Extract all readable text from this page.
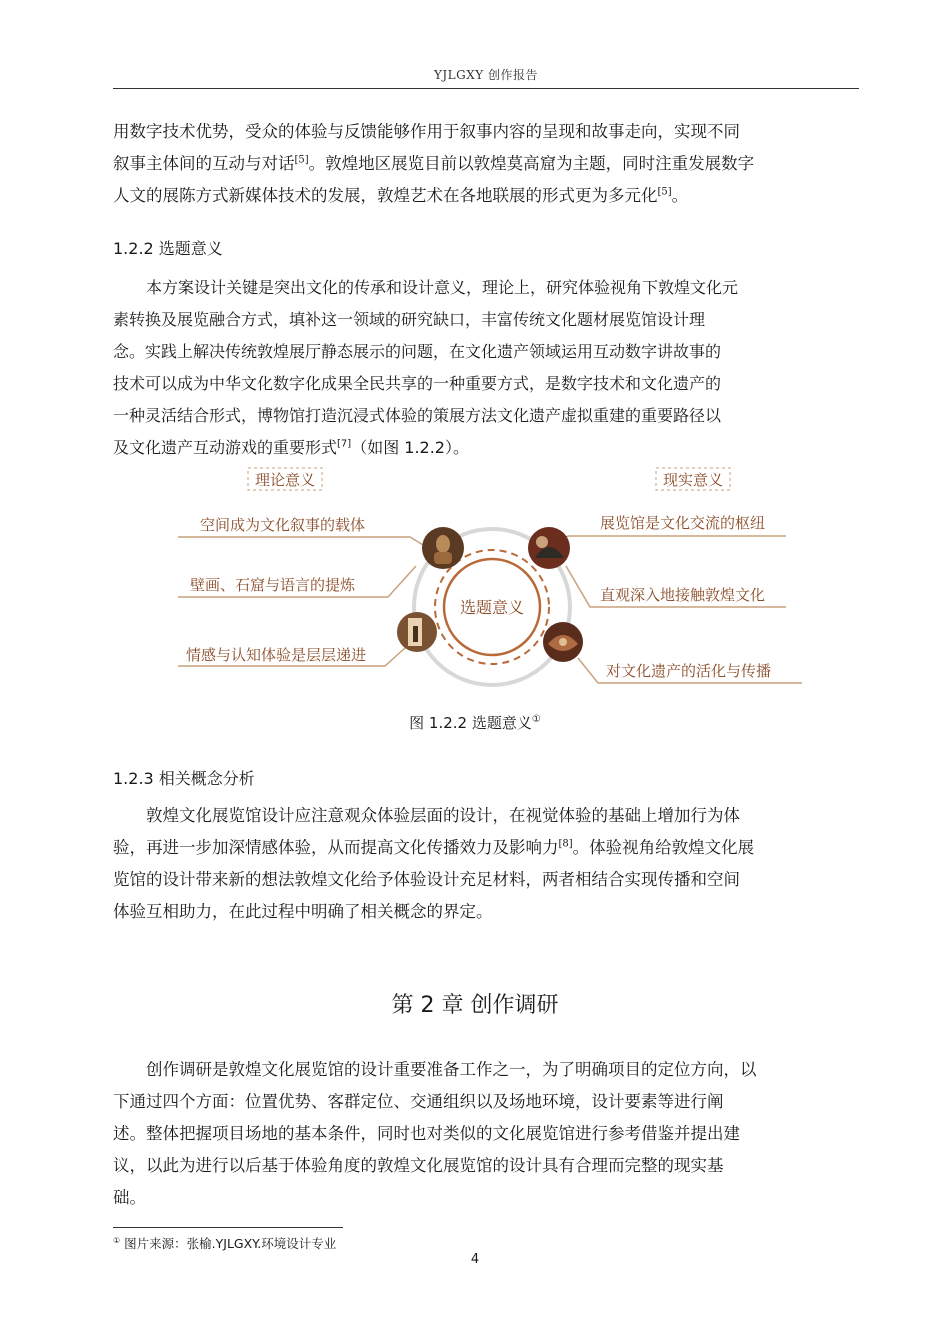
YJLGXY 创作报告
用数字技术优势，受众的体验与反馈能够作用于叙事内容的呈现和故事走向，实现不同
叙事主体间的互动与对话[5]。敦煌地区展览目前以敦煌莫高窟为主题，同时注重发展数字
人文的展陈方式新媒体技术的发展，敦煌艺术在各地联展的形式更为多元化[5]。
1.2.2 选题意义
本方案设计关键是突出文化的传承和设计意义，理论上，研究体验视角下敦煌文化元
素转换及展览融合方式，填补这一领域的研究缺口，丰富传统文化题材展览馆设计理
念。实践上解决传统敦煌展厅静态展示的问题，在文化遗产领域运用互动数字讲故事的
技术可以成为中华文化数字化成果全民共享的一种重要方式，是数字技术和文化遗产的
一种灵活结合形式，博物馆打造沉浸式体验的策展方法文化遗产虚拟重建的重要路径以
及文化遗产互动游戏的重要形式[7]（如图 1.2.2）。
理论意义	现实意义
选题意义
空间成为文化叙事的载体
壁画、石窟与语言的提炼
情感与认知体验是层层递进
展览馆是文化交流的枢纽
直观深入地接触敦煌文化
对文化遗产的活化与传播
图 1.2.2 选题意义①
1.2.3 相关概念分析
敦煌文化展览馆设计应注意观众体验层面的设计，在视觉体验的基础上增加行为体
验，再进一步加深情感体验，从而提高文化传播效力及影响力[8]。体验视角给敦煌文化展
览馆的设计带来新的想法敦煌文化给予体验设计充足材料，两者相结合实现传播和空间
体验互相助力，在此过程中明确了相关概念的界定。
第 2 章 创作调研
创作调研是敦煌文化展览馆的设计重要准备工作之一，为了明确项目的定位方向，以
下通过四个方面：位置优势、客群定位、交通组织以及场地环境，设计要素等进行阐
述。整体把握项目场地的基本条件，同时也对类似的文化展览馆进行参考借鉴并提出建
议，以此为进行以后基于体验角度的敦煌文化展览馆的设计具有合理而完整的现实基
础。
① 图片来源：张榆.YJLGXY.环境设计专业
4
